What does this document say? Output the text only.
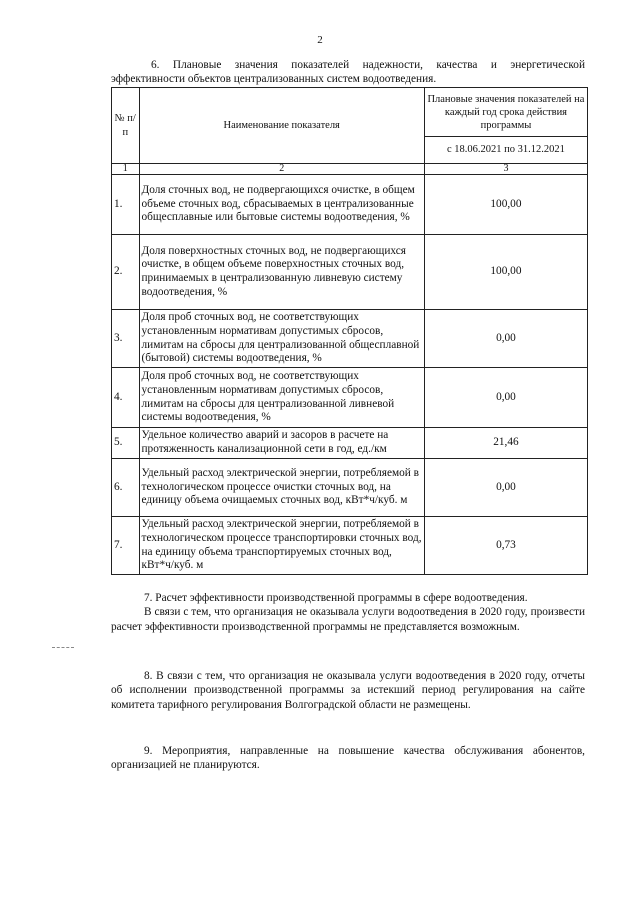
2
6. Плановые значения показателей надежности, качества и энергетической эффективности объектов централизованных систем водоотведения.
№ п/п	Наименование показателя	Плановые значения показателей на каждый год срока действия программы
		с 18.06.2021 по 31.12.2021
1	2	3
1.	Доля сточных вод, не подвергающихся очистке, в общем объеме сточных вод, сбрасываемых в централизованные общесплавные или бытовые системы водоотведения, %	100,00
2.	Доля поверхностных сточных вод, не подвергающихся очистке, в общем объеме поверхностных сточных вод, принимаемых в централизованную ливневую систему водоотведения, %	100,00
3.	Доля проб сточных вод, не соответствующих установленным нормативам допустимых сбросов, лимитам на сбросы для централизованной общесплавной (бытовой) системы водоотведения, %	0,00
4.	Доля проб сточных вод, не соответствующих установленным нормативам допустимых сбросов, лимитам на сбросы для централизованной ливневой системы водоотведения, %	0,00
5.	Удельное количество аварий и засоров в расчете на протяженность канализационной сети в год, ед./км	21,46
6.	Удельный расход электрической энергии, потребляемой в технологическом процессе очистки сточных вод, на единицу объема очищаемых сточных вод, кВт*ч/куб. м	0,00
7.	Удельный расход электрической энергии, потребляемой в технологическом процессе транспортировки сточных вод, на единицу объема транспортируемых сточных вод, кВт*ч/куб. м	0,73
7. Расчет эффективности производственной программы в сфере водоотведения.
В связи с тем, что организация не оказывала услуги водоотведения в 2020 году, произвести расчет эффективности производственной программы не представляется возможным.
8. В связи с тем, что организация не оказывала услуги водоотведения в 2020 году, отчеты об исполнении производственной программы за истекший период регулирования на сайте комитета тарифного регулирования Волгоградской области не размещены.
9. Мероприятия, направленные на повышение качества обслуживания абонентов, организацией не планируются.
